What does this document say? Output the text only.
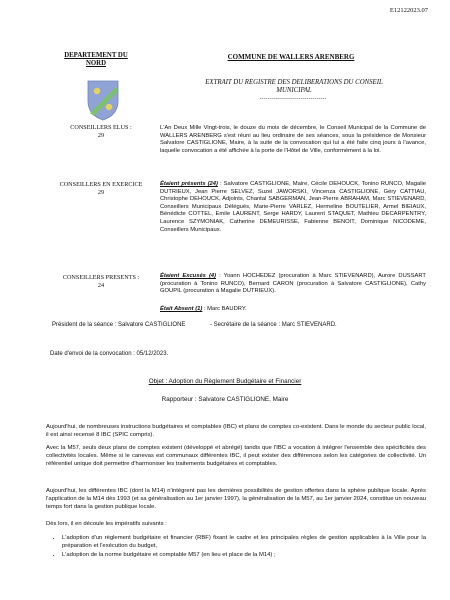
E12122023.07
DEPARTEMENT DU NORD
COMMUNE DE WALLERS ARENBERG
EXTRAIT DU REGISTRE DES DELIBERATIONS DU CONSEIL MUNICIPAL
----------------------------------
CONSEILLERS ELUS :
29
L'An Deux Mille Vingt-trois, le douze du mois de décembre, le Conseil Municipal de la Commune de WALLERS ARENBERG s'est réuni au lieu ordinaire de ses séances, sous la présidence de Monsieur Salvatore CASTIGLIONE, Maire, à la suite de la convocation qui lui a été faite cinq jours à l'avance, laquelle convocation a été affichée à la porte de l'Hôtel de Ville, conformément à la loi.
CONSEILLERS EN EXERCICE
29
Étaient présents (24) : Salvatore CASTIGLIONE, Maire, Cécile DEHOUCK, Tonino RUNCO, Magalie DUTRIEUX, Jean Pierre SELVEZ, Suzel JAWORSKI, Vincenza CASTIGLIONE, Géry CATTIAU, Christophe DEHOUCK, Adjoints, Chantal SABGERMAN, Jean-Pierre ABRAHAM, Marc STIEVENARD, Conseillers Municipaux Délégués, Marie-Pierre VARLEZ, Hermeline BOUTELIER, Armel BIEIAUX, Bénédicte COTTEL, Emile LAURENT, Serge HARDY, Laurent STAQUET, Mathieu DECARPENTRY, Laurence SZYMONIAK, Catherine DEMEURISSE, Fabienne BENOIT, Dominique NICODEME, Conseillers Municipaux.
CONSEILLERS PRESENTS :
24
Étaient Excusés (4) : Yoann HOCHEDEZ (procuration à Marc STIEVENARD), Aurore DUSSART (procuration à Tonino RUNCO), Bernard CARON (procuration à Salvatore CASTIGLIONE), Cathy GOUPIL (procuration à Magalie DUTRIEUX).
Était Absent (1) : Marc BAUDRY.
Président de la séance : Salvatore CASTIGLIONE	- Secrétaire de la séance : Marc STIEVENARD.
Date d'envoi de la convocation : 05/12/2023.
Objet : Adoption du Règlement Budgétaire et Financier
Rapporteur : Salvatore CASTIGLIONE, Maire
Aujourd'hui, de nombreuses instructions budgétaires et comptables (IBC) et plans de comptes co-existent. Dans le monde du secteur public local, il est ainsi recensé 8 IBC (SPIC compris).
Avec la M57, seuls deux plans de comptes existent (développé et abrégé) tandis que l'IBC a vocation à intégrer l'ensemble des spécificités des collectivités locales. Même si le canevas est communaux différentes IBC, il peut exister des différences selon les catégories de collectivité. Un référentiel unique doit permettre d'harmoniser les traitements budgétaires et comptables.
Aujourd'hui, les différentes IBC (dont la M14) n'intègrent pas les dernières possibilités de gestion offertes dans la sphère publique locale. Après l'application de la M14 dès 1993 (et sa généralisation au 1er janvier 1997), la généralisation de la M57, au 1er janvier 2024, constitue un nouveau temps fort dans la gestion publique locale.
Dès lors, il en découle les impératifs suivants :
• L'adoption d'un règlement budgétaire et financier (RBF) fixant le cadre et les principales règles de gestion applicables à la Ville pour la préparation et l'exécution du budget,
• L'adoption de la norme budgétaire et comptable M57 (en lieu et place de la M14) ;
